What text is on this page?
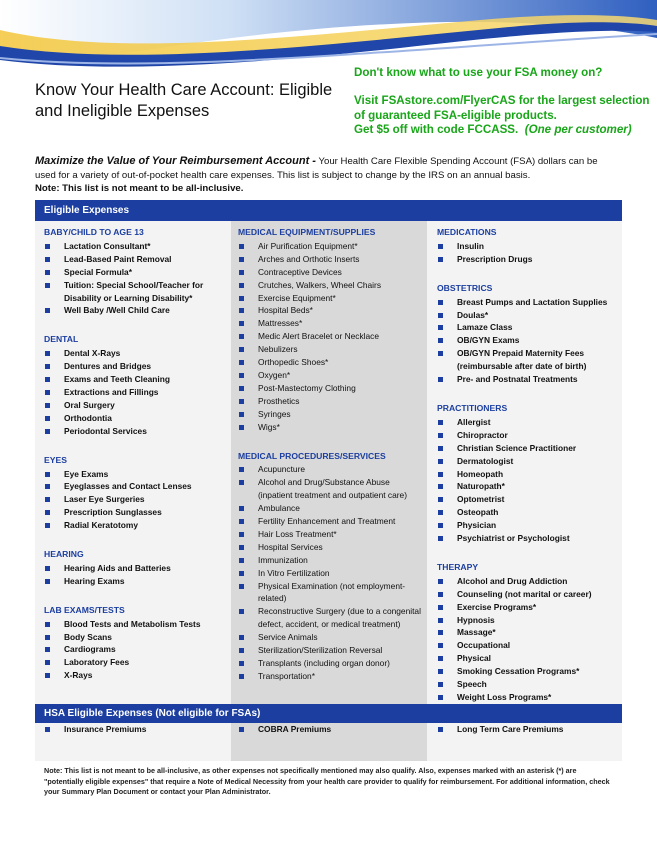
Know Your Health Care Account: Eligible and Ineligible Expenses
Don't know what to use your FSA money on?
Visit FSAstore.com/FlyerCAS for the largest selection of guaranteed FSA-eligible products.
Get $5 off with code FCCASS. (One per customer)
Maximize the Value of Your Reimbursement Account - Your Health Care Flexible Spending Account (FSA) dollars can be used for a variety of out-of-pocket health care expenses. This list is subject to change by the IRS on an annual basis.
Note: This list is not meant to be all-inclusive.
Eligible Expenses
BABY/CHILD TO AGE 13
Lactation Consultant*
Lead-Based Paint Removal
Special Formula*
Tuition: Special School/Teacher for Disability or Learning Disability*
Well Baby /Well Child Care
DENTAL
Dental X-Rays
Dentures and Bridges
Exams and Teeth Cleaning
Extractions and Fillings
Oral Surgery
Orthodontia
Periodontal Services
EYES
Eye Exams
Eyeglasses and Contact Lenses
Laser Eye Surgeries
Prescription Sunglasses
Radial Keratotomy
HEARING
Hearing Aids and Batteries
Hearing Exams
LAB EXAMS/TESTS
Blood Tests and Metabolism Tests
Body Scans
Cardiograms
Laboratory Fees
X-Rays
MEDICAL EQUIPMENT/SUPPLIES
Air Purification Equipment*
Arches and Orthotic Inserts
Contraceptive Devices
Crutches, Walkers, Wheel Chairs
Exercise Equipment*
Hospital Beds*
Mattresses*
Medic Alert Bracelet or Necklace
Nebulizers
Orthopedic Shoes*
Oxygen*
Post-Mastectomy Clothing
Prosthetics
Syringes
Wigs*
MEDICAL PROCEDURES/SERVICES
Acupuncture
Alcohol and Drug/Substance Abuse (inpatient treatment and outpatient care)
Ambulance
Fertility Enhancement and Treatment
Hair Loss Treatment*
Hospital Services
Immunization
In Vitro Fertilization
Physical Examination (not employment-related)
Reconstructive Surgery (due to a congenital defect, accident, or medical treatment)
Service Animals
Sterilization/Sterilization Reversal
Transplants (including organ donor)
Transportation*
MEDICATIONS
Insulin
Prescription Drugs
OBSTETRICS
Breast Pumps and Lactation Supplies
Doulas*
Lamaze Class
OB/GYN Exams
OB/GYN Prepaid Maternity Fees (reimbursable after date of birth)
Pre- and Postnatal Treatments
PRACTITIONERS
Allergist
Chiropractor
Christian Science Practitioner
Dermatologist
Homeopath
Naturopath*
Optometrist
Osteopath
Physician
Psychiatrist or Psychologist
THERAPY
Alcohol and Drug Addiction
Counseling (not marital or career)
Exercise Programs*
Hypnosis
Massage*
Occupational
Physical
Smoking Cessation Programs*
Speech
Weight Loss Programs*
HSA Eligible Expenses (Not eligible for FSAs)
Insurance Premiums	COBRA Premiums	Long Term Care Premiums
Note: This list is not meant to be all-inclusive, as other expenses not specifically mentioned may also qualify. Also, expenses marked with an asterisk (*) are "potentially eligible expenses" that require a Note of Medical Necessity from your health care provider to qualify for reimbursement. For additional information, check your Summary Plan Document or contact your Plan Administrator.
